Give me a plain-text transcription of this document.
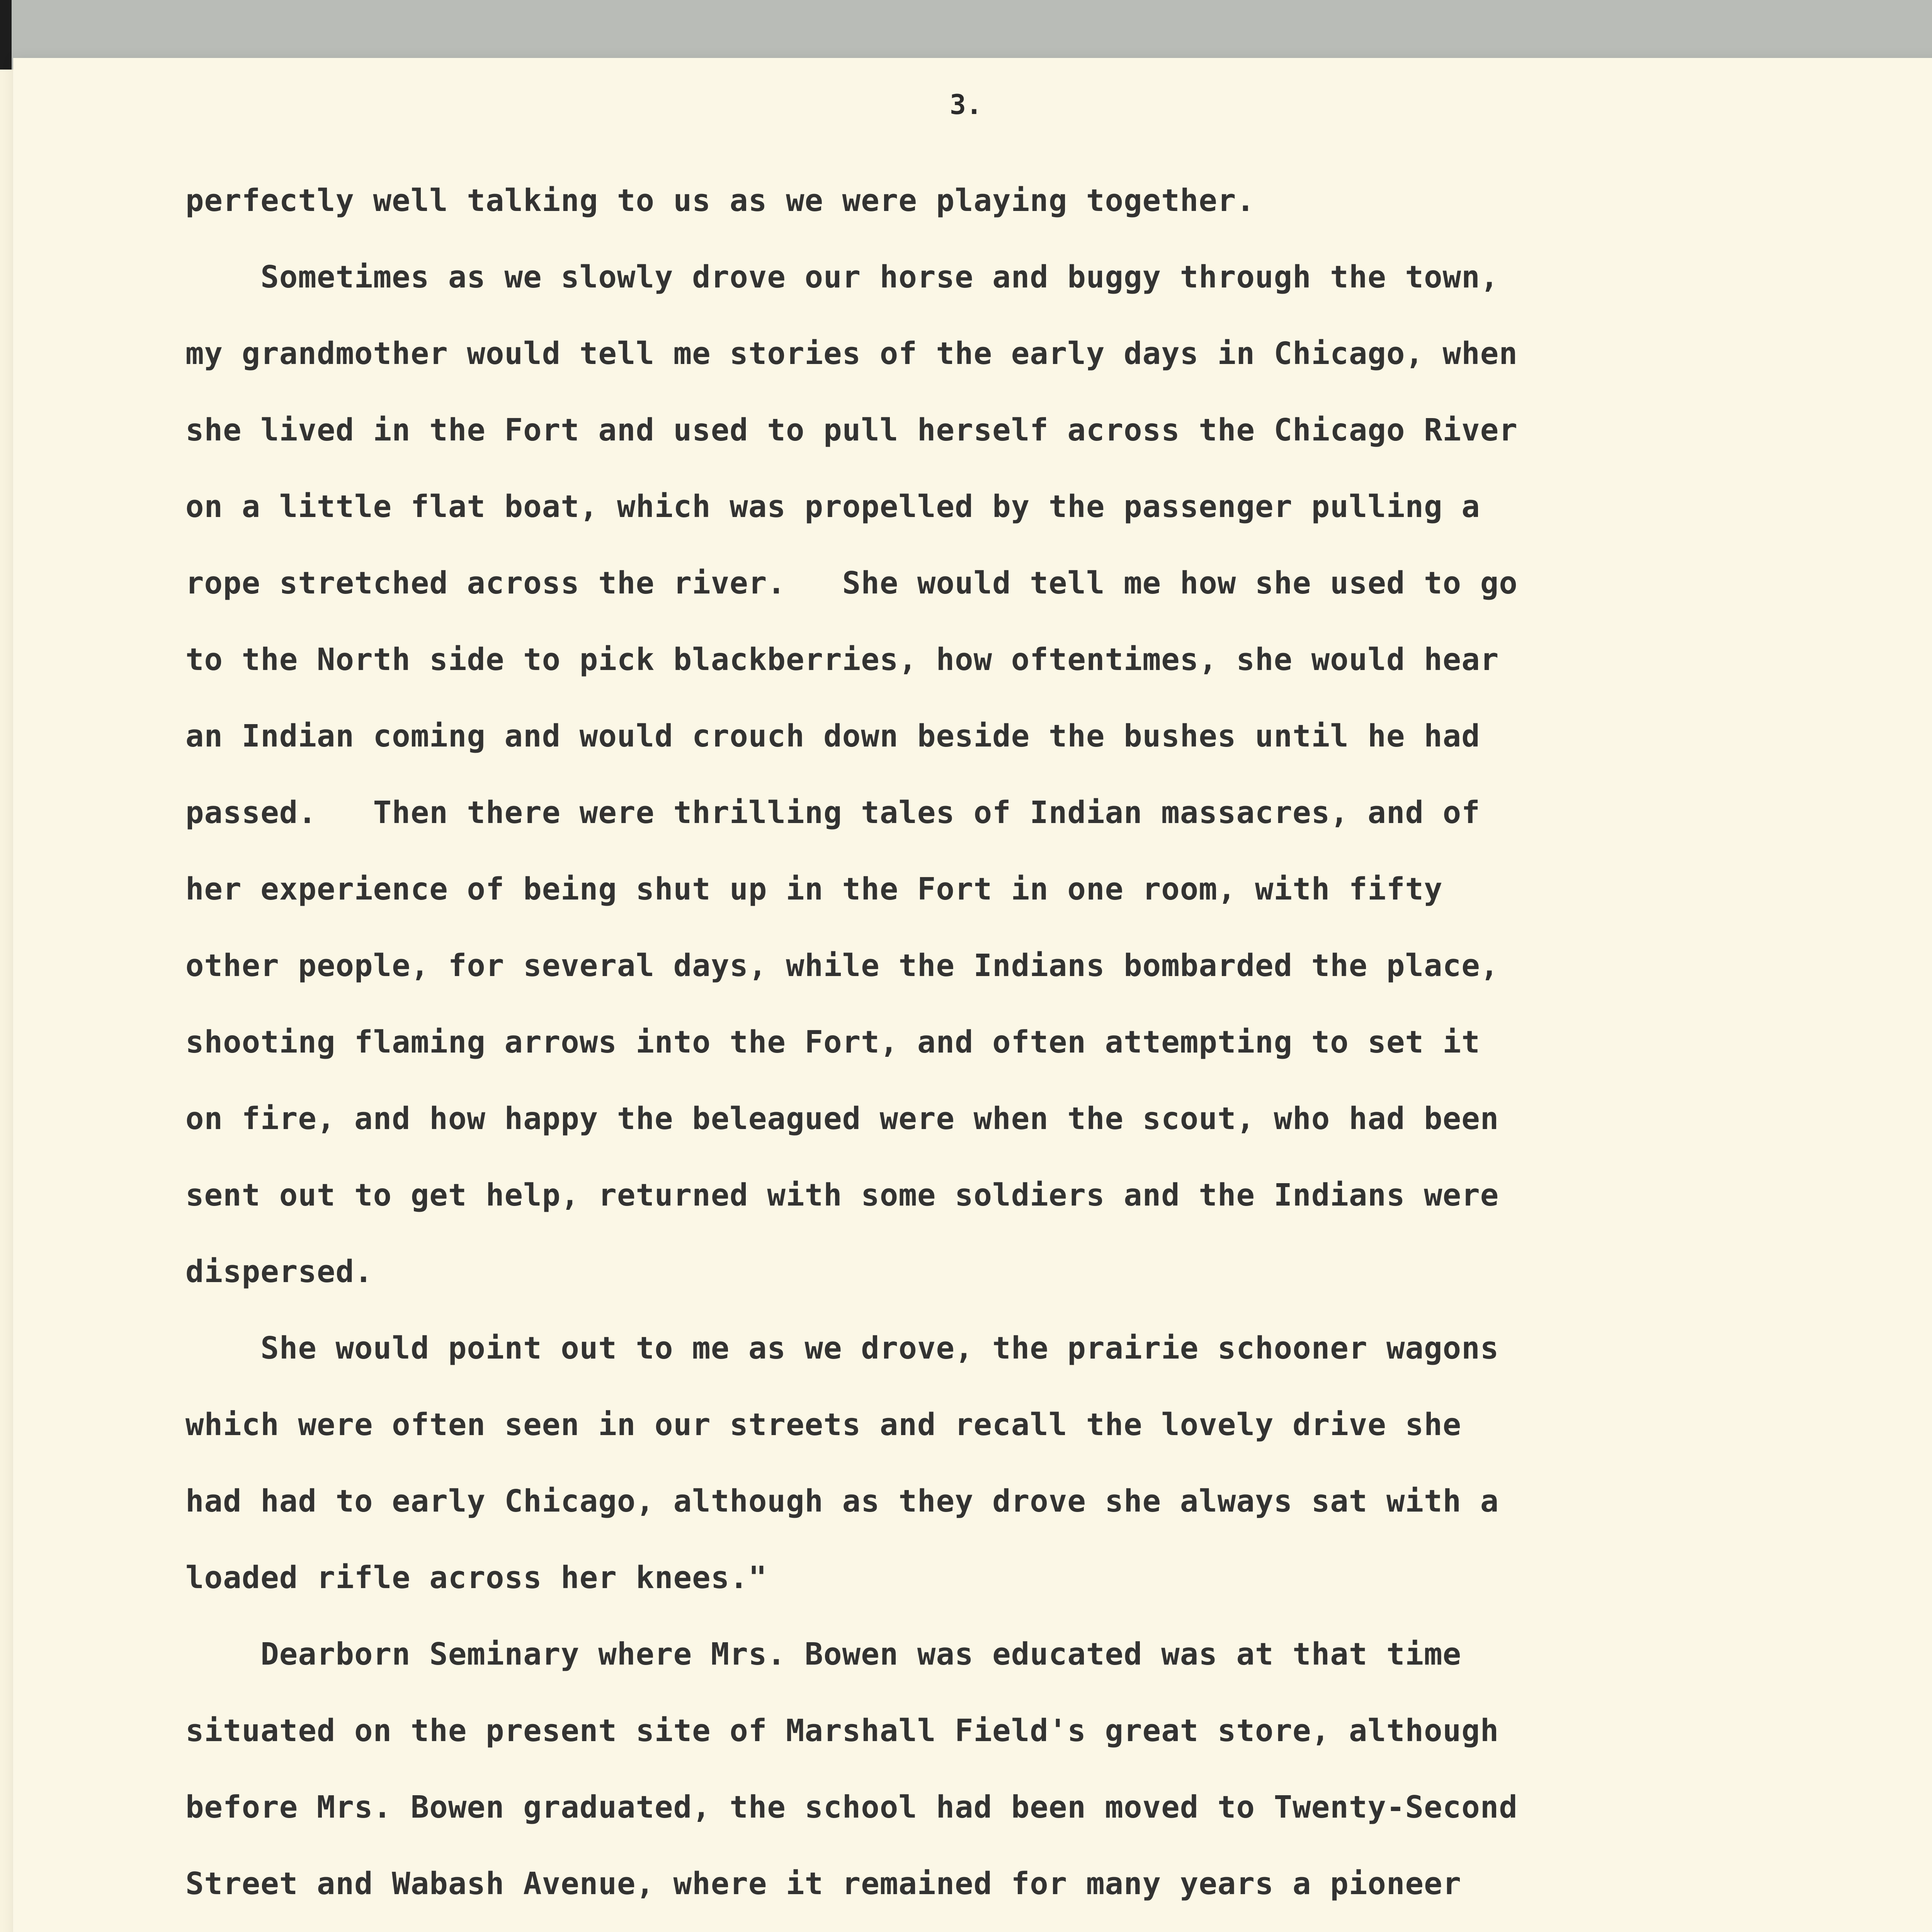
3.
perfectly well talking to us as we were playing together.
Sometimes as we slowly drove our horse and buggy through the town,
my grandmother would tell me stories of the early days in Chicago, when
she lived in the Fort and used to pull herself across the Chicago River
on a little flat boat, which was propelled by the passenger pulling a
rope stretched across the river.   She would tell me how she used to go
to the North side to pick blackberries, how oftentimes, she would hear
an Indian coming and would crouch down beside the bushes until he had
passed.   Then there were thrilling tales of Indian massacres, and of
her experience of being shut up in the Fort in one room, with fifty
other people, for several days, while the Indians bombarded the place,
shooting flaming arrows into the Fort, and often attempting to set it
on fire, and how happy the beleagued were when the scout, who had been
sent out to get help, returned with some soldiers and the Indians were
dispersed.
She would point out to me as we drove, the prairie schooner wagons
which were often seen in our streets and recall the lovely drive she
had had to early Chicago, although as they drove she always sat with a
loaded rifle across her knees."
Dearborn Seminary where Mrs. Bowen was educated was at that time
situated on the present site of Marshall Field's great store, although
before Mrs. Bowen graduated, the school had been moved to Twenty-Second
Street and Wabash Avenue, where it remained for many years a pioneer
